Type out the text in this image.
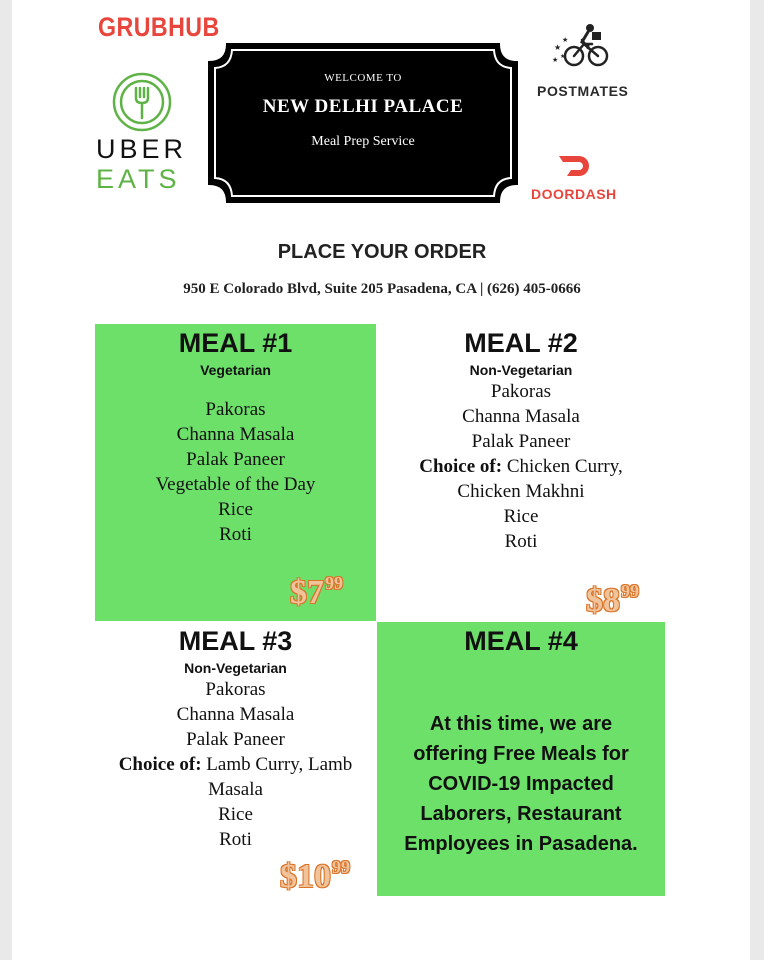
GRUBHUB
UBER
EATS
★
★
★ ★
POSTMATES
DOORDASH
WELCOME TO
NEW DELHI PALACE
Meal Prep Service
PLACE YOUR ORDER
950 E Colorado Blvd, Suite 205 Pasadena, CA | (626) 405-0666
MEAL #1
Vegetarian
Pakoras
Channa Masala
Palak Paneer
Vegetable of the Day
Rice
Roti
$\$7^{99}$
MEAL #2
Non-Vegetarian
Pakoras
Channa Masala
Palak Paneer
Choice of: Chicken Curry,
Chicken Makhni
Rice
Roti
$\$8^{99}$
MEAL #3
Non-Vegetarian
Pakoras
Channa Masala
Palak Paneer
Choice of: Lamb Curry, Lamb
Masala
Rice
Roti
$\$10^{99}$
MEAL #4
At this time, we are
offering Free Meals for
COVID-19 Impacted
Laborers, Restaurant
Employees in Pasadena.
